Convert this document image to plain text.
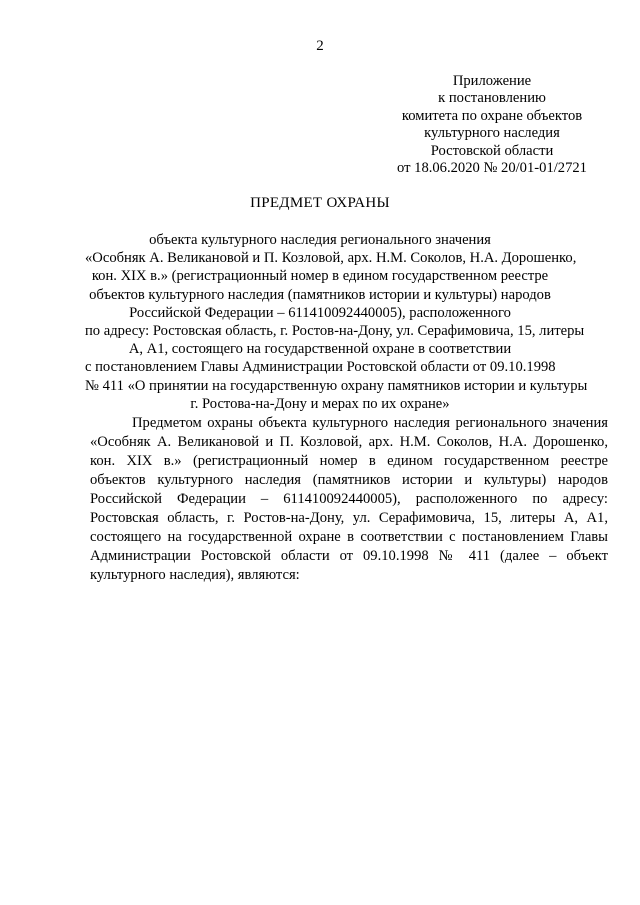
2
Приложение
к постановлению
комитета по охране объектов
культурного наследия
Ростовской области
от 18.06.2020 № 20/01-01/2721
ПРЕДМЕТ ОХРАНЫ
объекта культурного наследия регионального значения
«Особняк А. Великановой и П. Козловой, арх. Н.М. Соколов, Н.А. Дорошенко,
кон. XIX в.» (регистрационный номер в едином государственном реестре
объектов культурного наследия (памятников истории и культуры) народов
Российской Федерации – 611410092440005), расположенного
по адресу: Ростовская область, г. Ростов-на-Дону, ул. Серафимовича, 15, литеры
А, А1, состоящего на государственной охране в соответствии
с постановлением Главы Администрации Ростовской области от 09.10.1998
№ 411 «О принятии на государственную охрану памятников истории и культуры
г. Ростова-на-Дону и мерах по их охране»
Предметом охраны объекта культурного наследия регионального значения
«Особняк А. Великановой и П. Козловой, арх. Н.М. Соколов, Н.А. Дорошенко,
кон. XIX в.» (регистрационный номер в едином государственном реестре
объектов культурного наследия (памятников истории и культуры) народов
Российской Федерации – 611410092440005), расположенного по адресу:
Ростовская область, г. Ростов-на-Дону, ул. Серафимовича, 15, литеры А, А1,
состоящего на государственной охране в соответствии с постановлением Главы
Администрации Ростовской области от 09.10.1998 № 411 (далее – объект
культурного наследия), являются:
